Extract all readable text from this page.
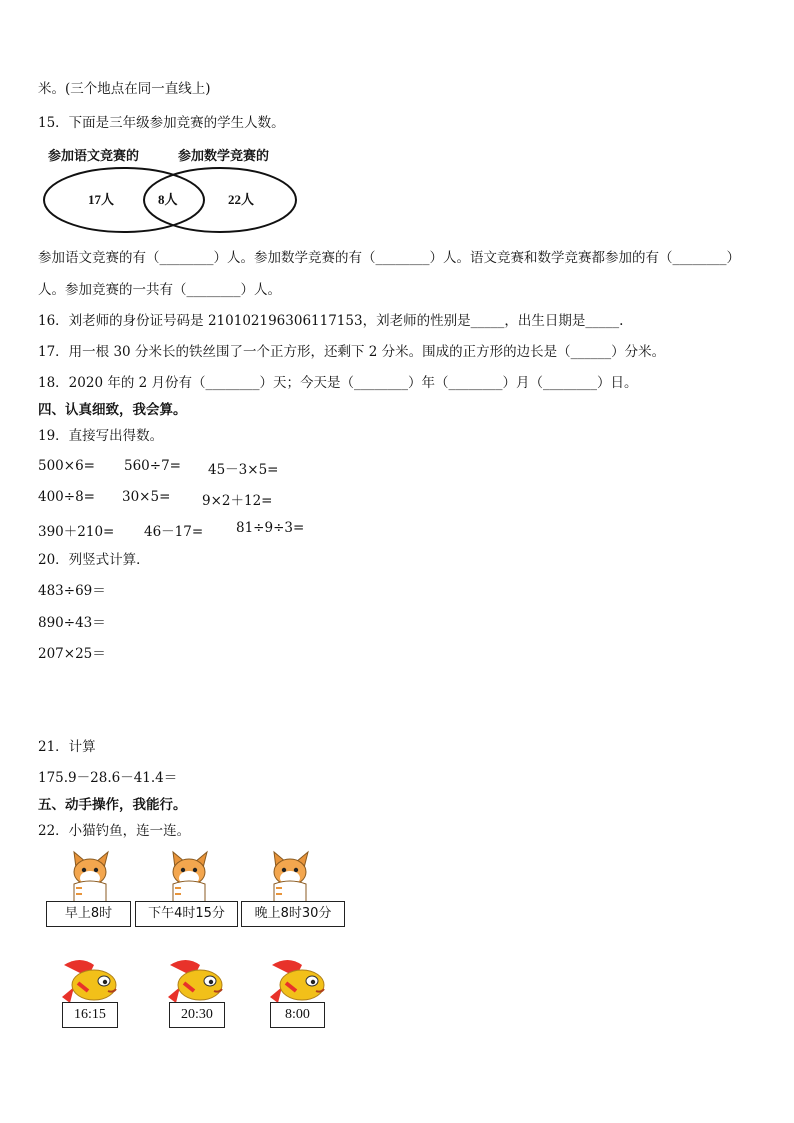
米。(三个地点在同一直线上)
15．下面是三年级参加竞赛的学生人数。
参加语文竞赛的	参加数学竞赛的
17人	8人	22人
参加语文竞赛的有（________）人。参加数学竞赛的有（________）人。语文竞赛和数学竞赛都参加的有（________）
人。参加竞赛的一共有（________）人。
16．刘老师的身份证号码是 210102196306117153，刘老师的性别是_____，出生日期是_____.
17．用一根 30 分米长的铁丝围了一个正方形，还剩下 2 分米。围成的正方形的边长是（______）分米。
18．2020 年的 2 月份有（________）天；今天是（________）年（________）月（________）日。
四、认真细致，我会算。
19．直接写出得数。
500×6= 560÷7= 45－3×5=
400÷8= 30×5= 9×2＋12=
390＋210= 46－17= 81÷9÷3=
20．列竖式计算．
483÷69＝
890÷43＝
207×25＝
21．计算
175.9－28.6－41.4＝
五、动手操作，我能行。
22．小猫钓鱼，连一连。
早上8时	下午4时15分	晚上8时30分
16:15	20:30	8:00
